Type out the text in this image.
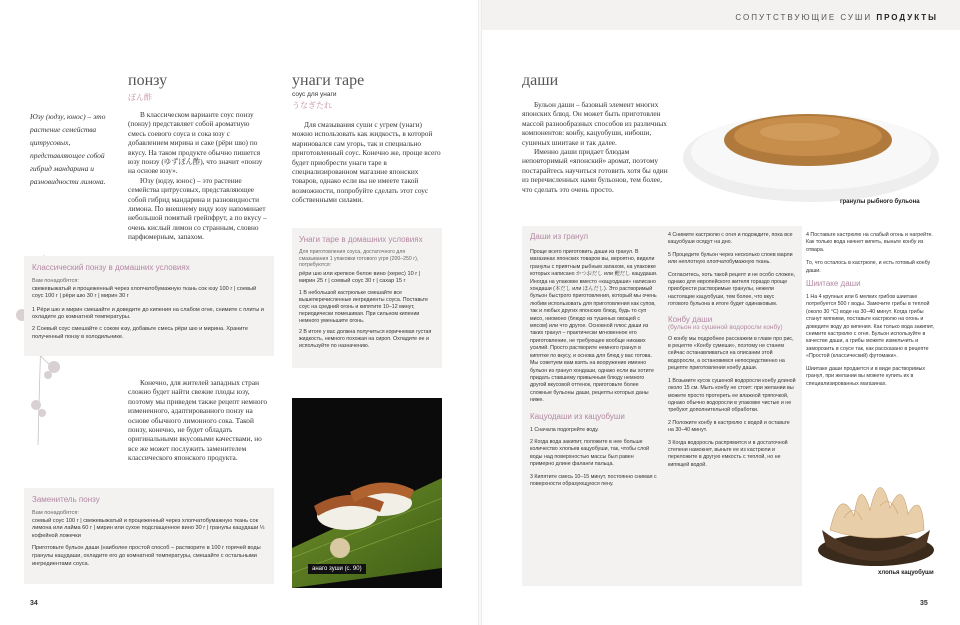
СОПУТСТВУЮЩИЕ СУШИ ПРОДУКТЫ
Юзу (юдзу, юнос) – это растение семейства цитрусовых, представляющее собой гибрид мандарина и разновидности лимона.
понзу
ぽん酢

В классическом варианте соус понзу (понзу) представляет собой ароматную смесь соевого соуса и сока юзу с добавлением мирина и саке (рёри шю) по вкусу. На таком продукте обычно пишется юзу понзу (ゆずぽん酢), что значит «понзу на основе юзу».

Юзу (юдзу, юнос) – это растение семейства цитрусовых, представляющее собой гибрид мандарина и разновидности лимона. По внешнему виду юзу напоминает небольшой помятый грейпфрут, а по вкусу – очень кислый лимон со странным, словно парфюмерным, запахом.

унаги таре
соус для унаги
うなぎたれ

Для смазывания суши с угрем (унаги) можно использовать как жидкость, в которой мариновался сам угорь, так и специально приготовленный соус. Конечно же, проще всего будет приобрести унаги таре в специализированном магазине японских товаров, однако если вы не имеете такой возможности, попробуйте сделать этот соус собственными силами.

Классический понзу в домашних условиях
Вам понадобятся:
свежевыжатый и процеженный через хлопчатобумажную ткань сок юзу 100 г | соевый соус 100 г | рёри шю 30 г | мирин 30 г
1 Рёри шю и мирин смешайте и доведите до кипения на слабом огне, снимите с плиты и охладите до комнатной температуры.
2 Соевый соус смешайте с соком юзу, добавьте смесь рёри шю и мирина. Храните полученный понзу в холодильнике.
Унаги таре в домашних условиях
Для приготовления соуса, достаточного для смазывания 1 упаковки готового угря (200–250 г), потребуются:
рёри шю или крепкое белое вино (херес) 10 г | мирин 25 г | соевый соус 30 г | сахар 15 г
1 В небольшой кастрюльке смешайте все вышеперечисленные ингредиенты соуса. Поставьте соус на средний огонь и кипятите 10–12 минут, периодически помешивая. При сильном кипении немного уменьшите огонь.
2 В итоге у вас должна получиться коричневая густая жидкость, немного похожая на сироп. Охладите ее и используйте по назначению.

Конечно, для жителей западных стран сложно будет найти свежие плоды юзу, поэтому мы приведем также рецепт немного измененного, адаптированного понзу на основе обычного лимонного сока. Такой понзу, конечно, не будет обладать оригинальными вкусовыми качествами, но все же может послужить заменителем классического японского продукта.

Заменитель понзу
Вам понадобятся:
соевый соус 100 г | свежевыжатый и процеженный через хлопчатобумажную ткань сок лимона или лайма 60 г | мирин или сухое подслащенное вино 30 г | гранулы кацудаши ⅓ кофейной ложечки
Приготовьте бульон даши (наиболее простой способ – растворите в 100 г горячей воды гранулы кацудаши, охладите его до комнатной температуры, смешайте с остальными ингредиентами соуса.
анаго зуши (с. 90)
34
даши

Бульон даши – базовый элемент многих японских блюд. Он может быть приготовлен массой разнообразных способов из различных компонентов: конбу, кацуобуши, нибоши, сушеных шиитаке и так далее.

Именно даши придает блюдам неповторимый «японский» аромат, поэтому постарайтесь научиться готовить хотя бы один из перечисленных нами бульонов, тем более, что сделать это очень просто.

гранулы рыбного бульона
Даши из гранул
Проще всего приготовить даши из гранул. В магазинах японских товаров вы, вероятно, видели гранулы с приятным рыбным запахом, на упаковке которых написано かつおだし или 鰹だし кацудаши. Иногда на упаковке вместо «кацуодаши» написано хондаши (本だし или ほんだし). Это растворимый бульон быстрого приготовления, который мы очень любим использовать для приготовления как супов, так и любых других японских блюд, будь то суп мисо, ниомоно (блюдо из тушеных овощей с мясом) или что другое. Основной плюс даши из таких гранул – практически мгновенное его приготовление, не требующее вообще никаких усилий. Просто растворите немного гранул в кипятке по вкусу, и основа для блюд у вас готова. Мы советуем вам взять на вооружение именно бульон из гранул хондаши, однако если вы хотите придать ставшему привычным блюду немного другой вкусовой оттенок, приготовьте более сложные бульоны даши, рецепты которых даны ниже.
Кацуодаши из кацуобуши
1 Сначала подогрейте воду.
2 Когда вода закипит, положите в нее больше количество хлопьев кацуобуши, так, чтобы слой воды над поверхностью массы был равен примерно длине фаланги пальца.
3 Кипятите смесь 10–15 минут, постоянно снимая с поверхности образующуюся пену.
4 Снимите кастрюлю с огня и подождите, пока все кацуобуши осядут на дно.
5 Процедите бульон через несколько слоев марли или неплотную хлопчатобумажную ткань.
Согласитесь, хоть такой рецепт и не особо сложен, однако для европейского жителя гораздо проще приобрести растворимые гранулы, нежели настоящие кацуобуши, тем более, что вкус готового бульона в итоге будет одинаковым.
Конбу даши
(бульон из сушеной водоросли конбу)
О конбу мы подробнее расскажем в главе про рис, в рецепте «Конбу сумеши», поэтому не станем сейчас останавливаться на описании этой водоросли, а остановимся непосредственно на рецепте приготовления конбу даши.
1 Возьмите кусок сушеной водоросли конбу длиной около 15 см. Мыть конбу не стоит: при желании вы можете просто протереть ее влажной тряпочкой, однако обычно водоросли в упаковке чистые и не требуют дополнительной обработки.
2 Положите конбу в кастрюлю с водой и оставьте на 30–40 минут.
3 Когда водоросль распрямится и в достаточной степени намокнет, выньте ее из кастрюли и переложите в другую емкость с теплой, но не кипящей водой.
4 Поставьте кастрюлю на слабый огонь и нагрейте. Как только вода начнет кипеть, выньте конбу из отвара.
То, что осталось в кастрюле, и есть готовый конбу даши.
Шиитаке даши
1 На 4 крупных или 6 мелких грибов шиитаке потребуется 500 г воды. Замочите грибы в теплой (около 30 °С) воде на 30–40 минут. Когда грибы станут мягкими, поставьте кастрюлю на огонь и доведите воду до кипения. Как только вода закипит, снимите кастрюлю с огня. Бульон используйте в качестве даши, а грибы можете измельчить и заморозить в соусе так, как рассказано в рецепте «Простой (классический) футомаки».
Шиитаке даши продается и в виде растворимых гранул, при желании вы можете купить их в специализированных магазинах.
хлопья кацуобуши
35
